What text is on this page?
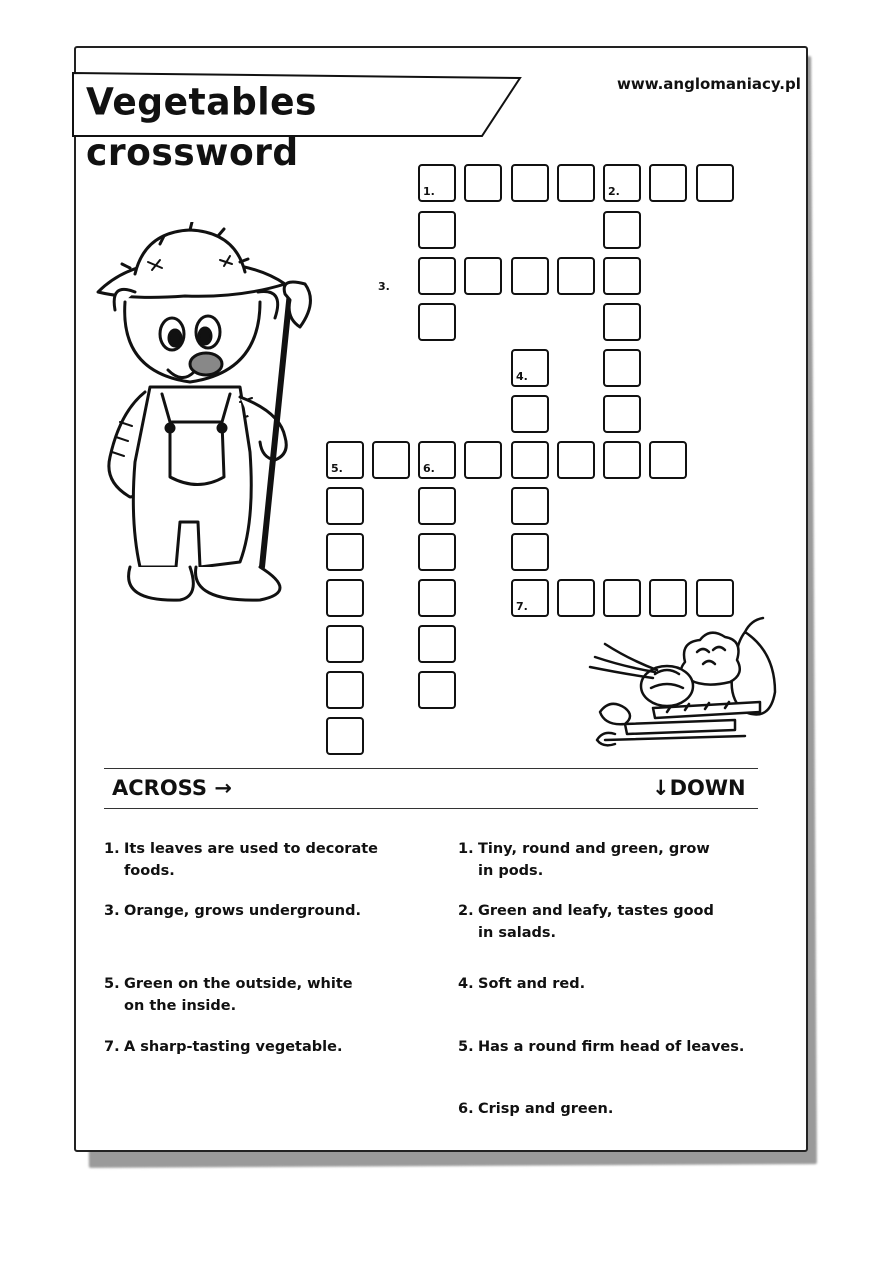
Vegetables crossword
www.anglomaniacy.pl
1.	2.
3.
4.
5.	6.
7.
ACROSS →	↓DOWN
1. Its leaves are used to decorate
foods.
3. Orange, grows underground.
5. Green on the outside, white
on the inside.
7. A sharp-tasting vegetable.
1. Tiny, round and green, grow
in pods.
2. Green and leafy, tastes good
in salads.
4. Soft and red.
5. Has a round firm head of leaves.
6. Crisp and green.
